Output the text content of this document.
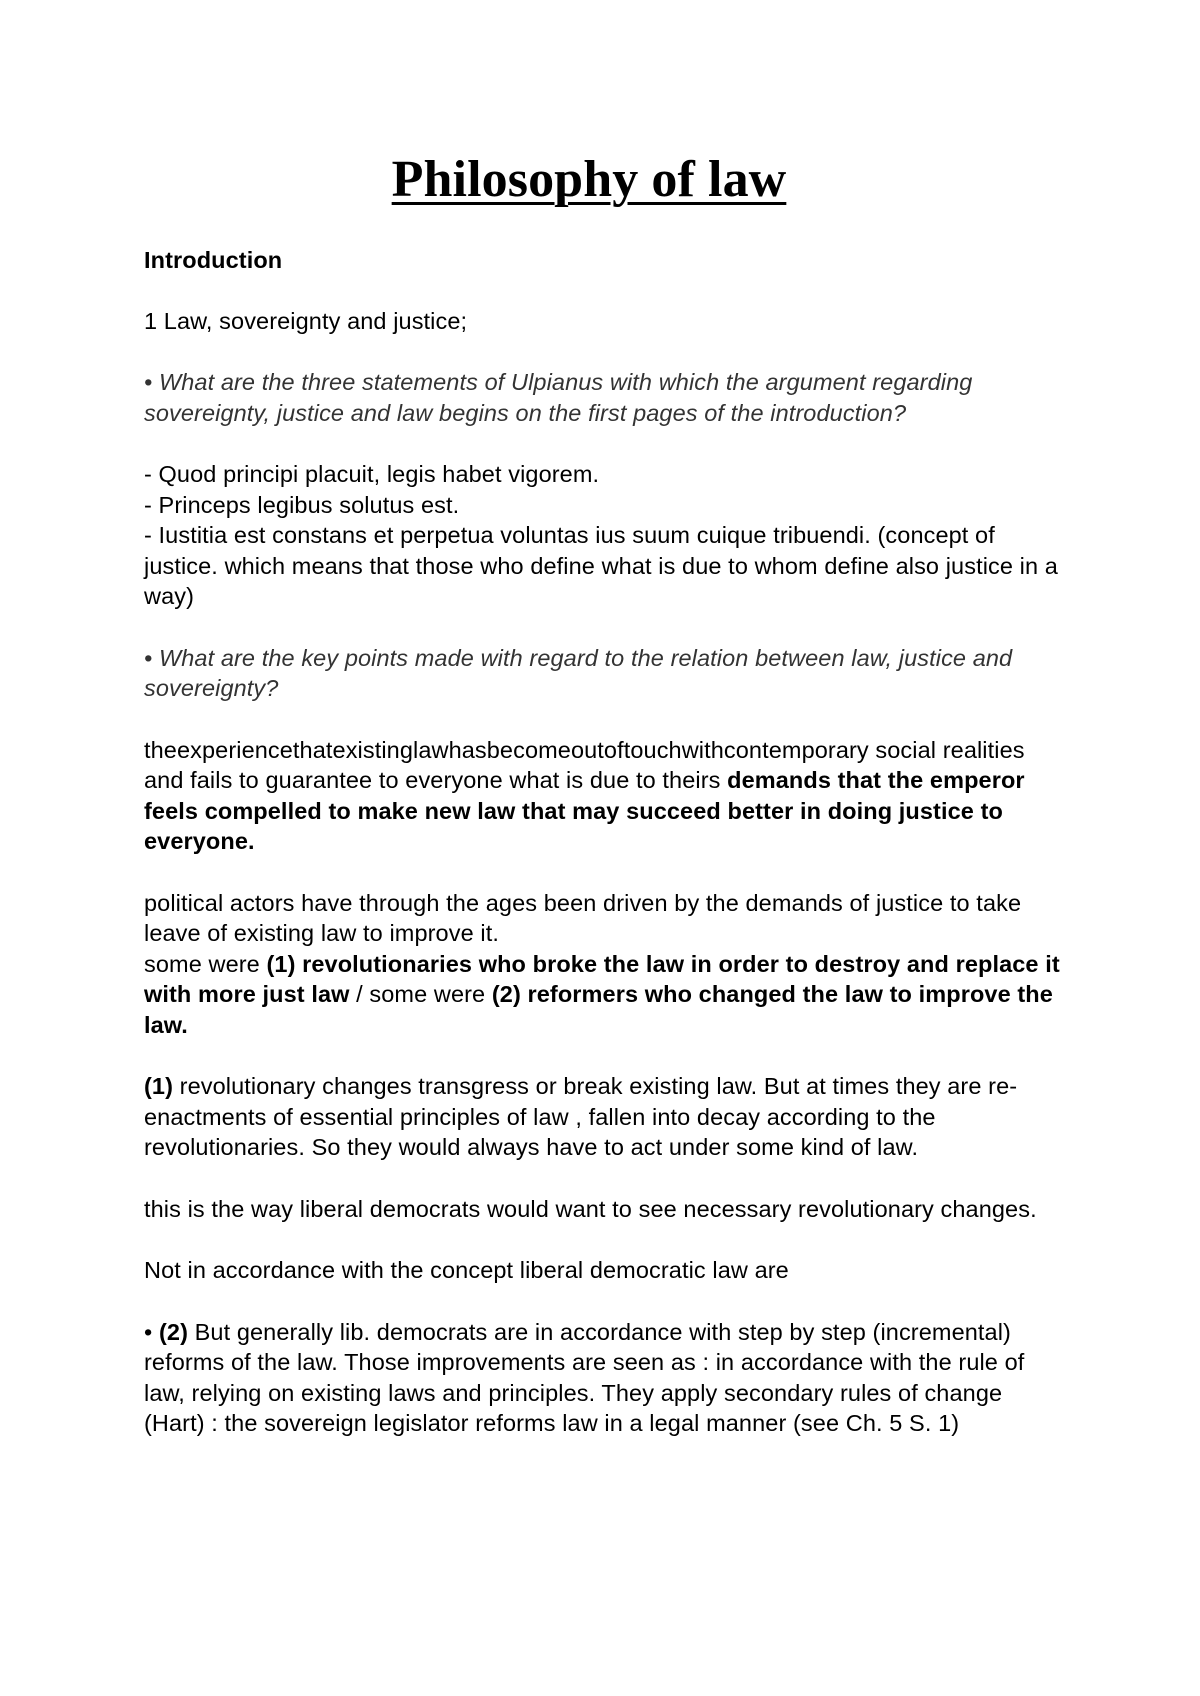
Philosophy of law

Introduction

1 Law, sovereignty and justice;

• What are the three statements of Ulpianus with which the argument regarding sovereignty, justice and law begins on the first pages of the introduction?

- Quod principi placuit, legis habet vigorem.
- Princeps legibus solutus est.
- Iustitia est constans et perpetua voluntas ius suum cuique tribuendi. (concept of justice. which means that those who define what is due to whom define also justice in a way)

• What are the key points made with regard to the relation between law, justice and sovereignty?

theexperiencethatexistinglawhasbecomeoutoftouchwithcontemporary social realities and fails to guarantee to everyone what is due to theirs demands that the emperor feels compelled to make new law that may succeed better in doing justice to everyone.

political actors have through the ages been driven by the demands of justice to take leave of existing law to improve it.
some were (1) revolutionaries who broke the law in order to destroy and replace it with more just law / some were (2) reformers who changed the law to improve the law.

(1) revolutionary changes transgress or break existing law. But at times they are re-enactments of essential principles of law , fallen into decay according to the revolutionaries. So they would always have to act under some kind of law.

this is the way liberal democrats would want to see necessary revolutionary changes.

Not in accordance with the concept liberal democratic law are

• (2) But generally lib. democrats are in accordance with step by step (incremental) reforms of the law. Those improvements are seen as : in accordance with the rule of law, relying on existing laws and principles. They apply secondary rules of change (Hart) : the sovereign legislator reforms law in a legal manner (see Ch. 5 S. 1)
